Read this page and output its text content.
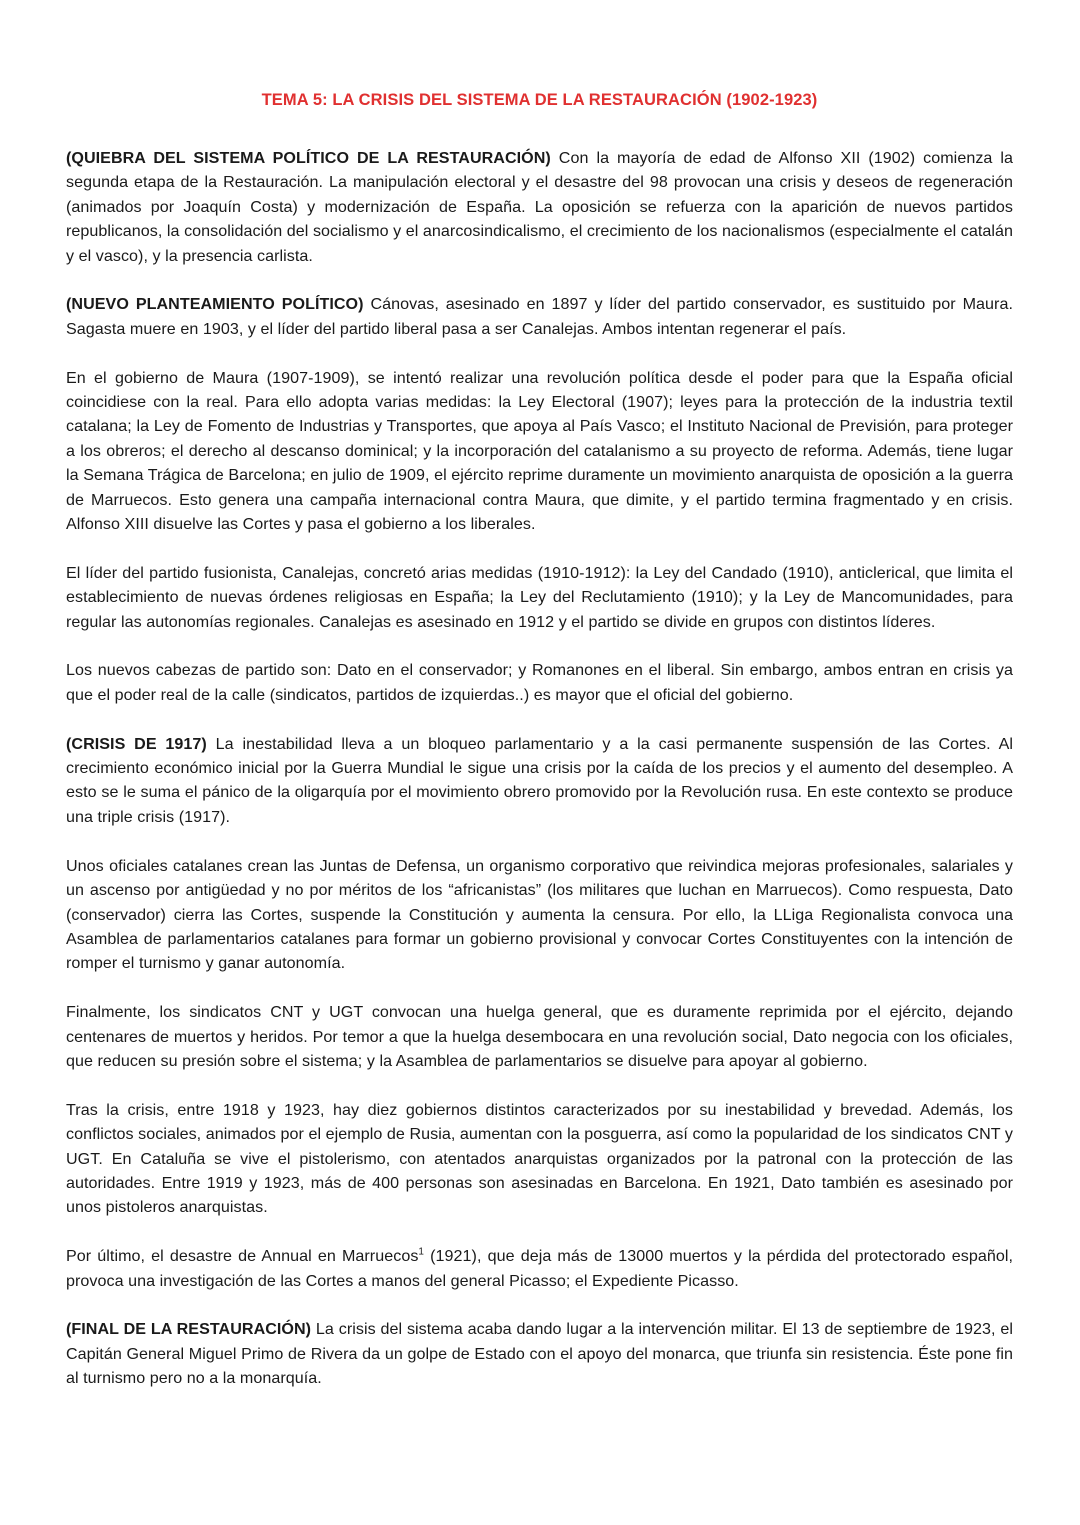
TEMA 5: LA CRISIS DEL SISTEMA DE LA RESTAURACIÓN (1902-1923)

(QUIEBRA DEL SISTEMA POLÍTICO DE LA RESTAURACIÓN) Con la mayoría de edad de Alfonso XII (1902) comienza la segunda etapa de la Restauración. La manipulación electoral y el desastre del 98 provocan una crisis y deseos de regeneración (animados por Joaquín Costa) y modernización de España. La oposición se refuerza con la aparición de nuevos partidos republicanos, la consolidación del socialismo y el anarcosindicalismo, el crecimiento de los nacionalismos (especialmente el catalán y el vasco), y la presencia carlista.

(NUEVO PLANTEAMIENTO POLÍTICO) Cánovas, asesinado en 1897 y líder del partido conservador, es sustituido por Maura. Sagasta muere en 1903, y el líder del partido liberal pasa a ser Canalejas. Ambos intentan regenerar el país.

En el gobierno de Maura (1907-1909), se intentó realizar una revolución política desde el poder para que la España oficial coincidiese con la real. Para ello adopta varias medidas: la Ley Electoral (1907); leyes para la protección de la industria textil catalana; la Ley de Fomento de Industrias y Transportes, que apoya al País Vasco; el Instituto Nacional de Previsión, para proteger a los obreros; el derecho al descanso dominical; y la incorporación del catalanismo a su proyecto de reforma. Además, tiene lugar la Semana Trágica de Barcelona; en julio de 1909, el ejército reprime duramente un movimiento anarquista de oposición a la guerra de Marruecos. Esto genera una campaña internacional contra Maura, que dimite, y el partido termina fragmentado y en crisis. Alfonso XIII disuelve las Cortes y pasa el gobierno a los liberales.

El líder del partido fusionista, Canalejas, concretó arias medidas (1910-1912): la Ley del Candado (1910), anticlerical, que limita el establecimiento de nuevas órdenes religiosas en España; la Ley del Reclutamiento (1910); y la Ley de Mancomunidades, para regular las autonomías regionales. Canalejas es asesinado en 1912 y el partido se divide en grupos con distintos líderes.

Los nuevos cabezas de partido son: Dato en el conservador; y Romanones en el liberal. Sin embargo, ambos entran en crisis ya que el poder real de la calle (sindicatos, partidos de izquierdas..) es mayor que el oficial del gobierno.

(CRISIS DE 1917) La inestabilidad lleva a un bloqueo parlamentario y a la casi permanente suspensión de las Cortes. Al crecimiento económico inicial por la Guerra Mundial le sigue una crisis por la caída de los precios y el aumento del desempleo. A esto se le suma el pánico de la oligarquía por el movimiento obrero promovido por la Revolución rusa. En este contexto se produce una triple crisis (1917).

Unos oficiales catalanes crean las Juntas de Defensa, un organismo corporativo que reivindica mejoras profesionales, salariales y un ascenso por antigüedad y no por méritos de los “africanistas” (los militares que luchan en Marruecos). Como respuesta, Dato (conservador) cierra las Cortes, suspende la Constitución y aumenta la censura. Por ello, la LLiga Regionalista convoca una Asamblea de parlamentarios catalanes para formar un gobierno provisional y convocar Cortes Constituyentes con la intención de romper el turnismo y ganar autonomía.

Finalmente, los sindicatos CNT y UGT convocan una huelga general, que es duramente reprimida por el ejército, dejando centenares de muertos y heridos. Por temor a que la huelga desembocara en una revolución social, Dato negocia con los oficiales, que reducen su presión sobre el sistema; y la Asamblea de parlamentarios se disuelve para apoyar al gobierno.

Tras la crisis, entre 1918 y 1923, hay diez gobiernos distintos caracterizados por su inestabilidad y brevedad. Además, los conflictos sociales, animados por el ejemplo de Rusia, aumentan con la posguerra, así como la popularidad de los sindicatos CNT y UGT. En Cataluña se vive el pistolerismo, con atentados anarquistas organizados por la patronal con la protección de las autoridades. Entre 1919 y 1923, más de 400 personas son asesinadas en Barcelona. En 1921, Dato también es asesinado por unos pistoleros anarquistas.

Por último, el desastre de Annual en Marruecos$^1$ (1921), que deja más de 13000 muertos y la pérdida del protectorado español, provoca una investigación de las Cortes a manos del general Picasso; el Expediente Picasso.

(FINAL DE LA RESTAURACIÓN) La crisis del sistema acaba dando lugar a la intervención militar. El 13 de septiembre de 1923, el Capitán General Miguel Primo de Rivera da un golpe de Estado con el apoyo del monarca, que triunfa sin resistencia. Éste pone fin al turnismo pero no a la monarquía.
